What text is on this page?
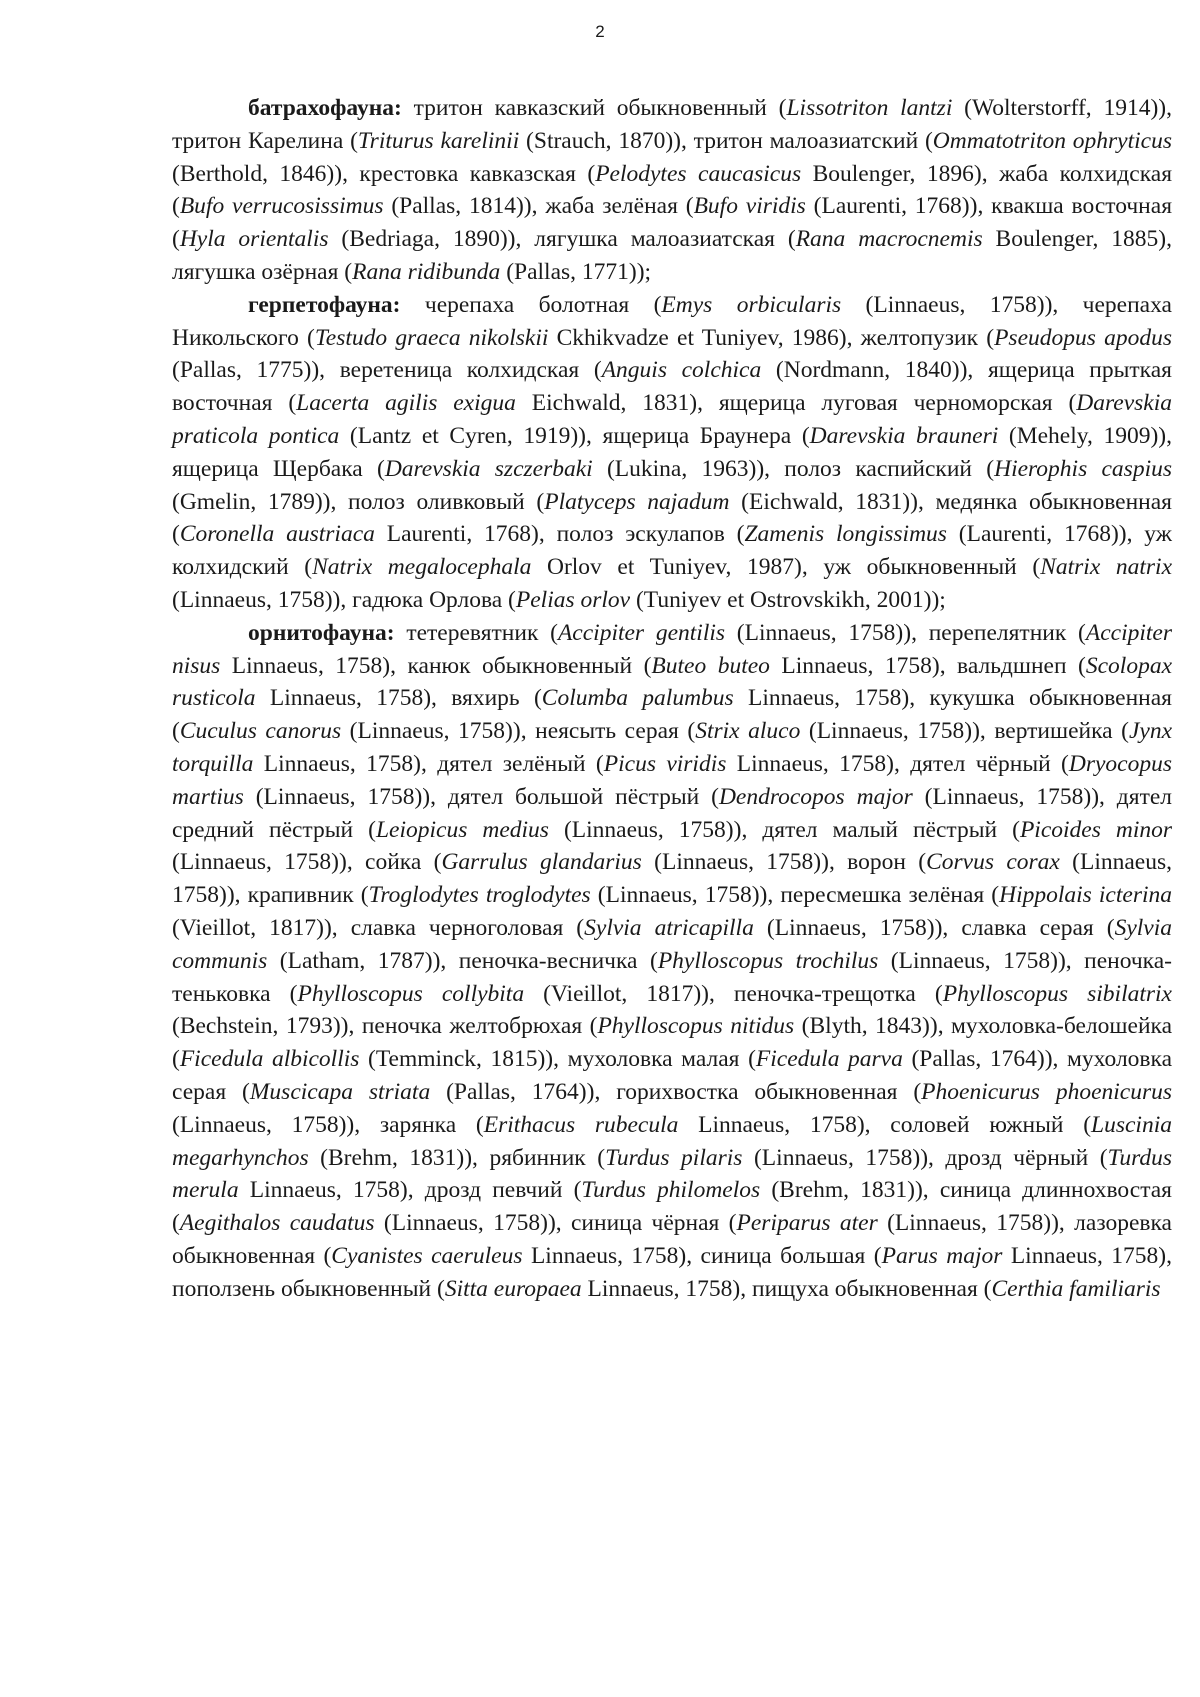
2

батрахофауна: тритон кавказский обыкновенный (Lissotriton lantzi (Wolterstorff, 1914)), тритон Карелина (Triturus karelinii (Strauch, 1870)), тритон малоазиатский (Ommatotriton ophryticus (Berthold, 1846)), крестовка кавказская (Pelodytes caucasicus Boulenger, 1896), жаба колхидская (Bufo verrucosissimus (Pallas, 1814)), жаба зелёная (Bufo viridis (Laurenti, 1768)), квакша восточная (Hyla orientalis (Bedriaga, 1890)), лягушка малоазиатская (Rana macrocnemis Boulenger, 1885), лягушка озёрная (Rana ridibunda (Pallas, 1771));

герпетофауна: черепаха болотная (Emys orbicularis (Linnaeus, 1758)), черепаха Никольского (Testudo graeca nikolskii Ckhikvadze et Tuniyev, 1986), желтопузик (Pseudopus apodus (Pallas, 1775)), веретеница колхидская (Anguis colchica (Nordmann, 1840)), ящерица прыткая восточная (Lacerta agilis exigua Eichwald, 1831), ящерица луговая черноморская (Darevskia praticola pontica (Lantz et Cyren, 1919)), ящерица Браунера (Darevskia brauneri (Mehely, 1909)), ящерица Щербака (Darevskia szczerbaki (Lukina, 1963)), полоз каспийский (Hierophis caspius (Gmelin, 1789)), полоз оливковый (Platyceps najadum (Eichwald, 1831)), медянка обыкновенная (Coronella austriaca Laurenti, 1768), полоз эскулапов (Zamenis longissimus (Laurenti, 1768)), уж колхидский (Natrix megalocephala Orlov et Tuniyev, 1987), уж обыкновенный (Natrix natrix (Linnaeus, 1758)), гадюка Орлова (Pelias orlov (Tuniyev et Ostrovskikh, 2001));

орнитофауна: тетеревятник (Accipiter gentilis (Linnaeus, 1758)), перепелятник (Accipiter nisus Linnaeus, 1758), канюк обыкновенный (Buteo buteo Linnaeus, 1758), вальдшнеп (Scolopax rusticola Linnaeus, 1758), вяхирь (Columba palumbus Linnaeus, 1758), кукушка обыкновенная (Cuculus canorus (Linnaeus, 1758)), неясыть серая (Strix aluco (Linnaeus, 1758)), вертишейка (Jynx torquilla Linnaeus, 1758), дятел зелёный (Picus viridis Linnaeus, 1758), дятел чёрный (Dryocopus martius (Linnaeus, 1758)), дятел большой пёстрый (Dendrocopos major (Linnaeus, 1758)), дятел средний пёстрый (Leiopicus medius (Linnaeus, 1758)), дятел малый пёстрый (Picoides minor (Linnaeus, 1758)), сойка (Garrulus glandarius (Linnaeus, 1758)), ворон (Corvus corax (Linnaeus, 1758)), крапивник (Troglodytes troglodytes (Linnaeus, 1758)), пересмешка зелёная (Hippolais icterina (Vieillot, 1817)), славка черноголовая (Sylvia atricapilla (Linnaeus, 1758)), славка серая (Sylvia communis (Latham, 1787)), пеночка-весничка (Phylloscopus trochilus (Linnaeus, 1758)), пеночка-теньковка (Phylloscopus collybita (Vieillot, 1817)), пеночка-трещотка (Phylloscopus sibilatrix (Bechstein, 1793)), пеночка желтобрюхая (Phylloscopus nitidus (Blyth, 1843)), мухоловка-белошейка (Ficedula albicollis (Temminck, 1815)), мухоловка малая (Ficedula parva (Pallas, 1764)), мухоловка серая (Muscicapa striata (Pallas, 1764)), горихвостка обыкновенная (Phoenicurus phoenicurus (Linnaeus, 1758)), зарянка (Erithacus rubecula Linnaeus, 1758), соловей южный (Luscinia megarhynchos (Brehm, 1831)), рябинник (Turdus pilaris (Linnaeus, 1758)), дрозд чёрный (Turdus merula Linnaeus, 1758), дрозд певчий (Turdus philomelos (Brehm, 1831)), синица длиннохвостая (Aegithalos caudatus (Linnaeus, 1758)), синица чёрная (Periparus ater (Linnaeus, 1758)), лазоревка обыкновенная (Cyanistes caeruleus Linnaeus, 1758), синица большая (Parus major Linnaeus, 1758), поползень обыкновенный (Sitta europaea Linnaeus, 1758), пищуха обыкновенная (Certhia familiaris
